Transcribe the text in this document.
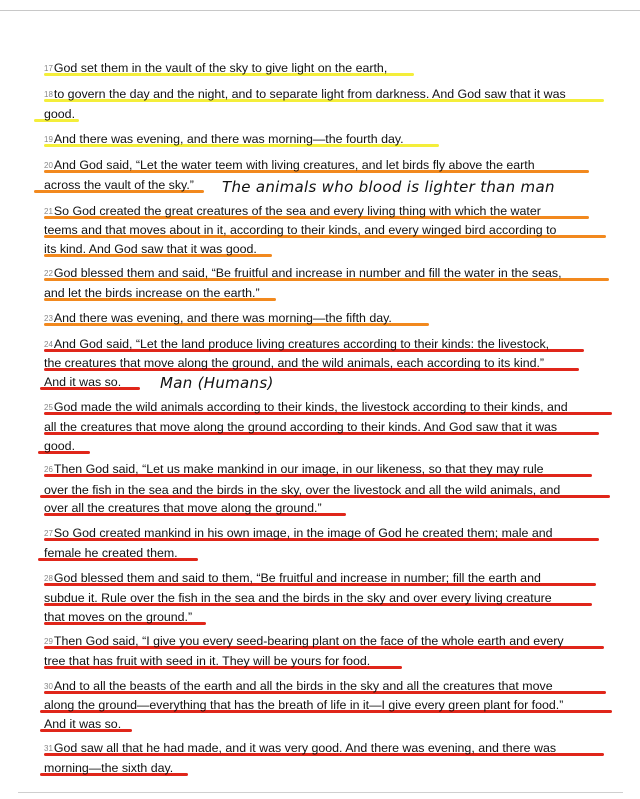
$^{17}$God set them in the vault of the sky to give light on the earth,
$^{18}$to govern the day and the night, and to separate light from darkness. And God saw that it was
good.
$^{19}$And there was evening, and there was morning—the fourth day.
$^{20}$And God said, “Let the water teem with living creatures, and let birds fly above the earth
across the vault of the sky.” The animals who blood is lighter than man
$^{21}$So God created the great creatures of the sea and every living thing with which the water
teems and that moves about in it, according to their kinds, and every winged bird according to
its kind. And God saw that it was good.
$^{22}$God blessed them and said, “Be fruitful and increase in number and fill the water in the seas,
and let the birds increase on the earth.”
$^{23}$And there was evening, and there was morning—the fifth day.
$^{24}$And God said, “Let the land produce living creatures according to their kinds: the livestock,
the creatures that move along the ground, and the wild animals, each according to its kind.”
And it was so.	Man (Humans)
$^{25}$God made the wild animals according to their kinds, the livestock according to their kinds, and
all the creatures that move along the ground according to their kinds. And God saw that it was
good.
$^{26}$Then God said, “Let us make mankind in our image, in our likeness, so that they may rule
over the fish in the sea and the birds in the sky, over the livestock and all the wild animals, and
over all the creatures that move along the ground.”
$^{27}$So God created mankind in his own image, in the image of God he created them; male and
female he created them.
$^{28}$God blessed them and said to them, “Be fruitful and increase in number; fill the earth and
subdue it. Rule over the fish in the sea and the birds in the sky and over every living creature
that moves on the ground.”
$^{29}$Then God said, “I give you every seed-bearing plant on the face of the whole earth and every
tree that has fruit with seed in it. They will be yours for food.
$^{30}$And to all the beasts of the earth and all the birds in the sky and all the creatures that move
along the ground—everything that has the breath of life in it—I give every green plant for food.”
And it was so.
$^{31}$God saw all that he had made, and it was very good. And there was evening, and there was
morning—the sixth day.
